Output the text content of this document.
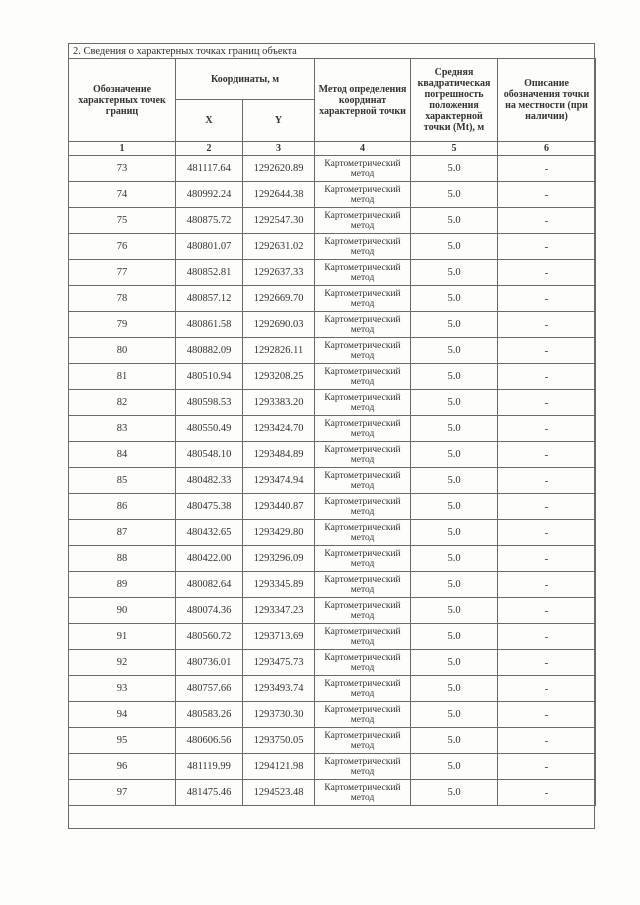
2. Сведения о характерных точках границ объекта
Обозначение характерных точек границ	Координаты, м		Метод определения координат характерной точки	Средняя квадратическая погрешность положения характерной точки (Mt), м	Описание обозначения точки на местности (при наличии)
	X	Y			
1	2	3	4	5	6
73	481117.64	1292620.89	Картометрический метод	5.0	-
74	480992.24	1292644.38	Картометрический метод	5.0	-
75	480875.72	1292547.30	Картометрический метод	5.0	-
76	480801.07	1292631.02	Картометрический метод	5.0	-
77	480852.81	1292637.33	Картометрический метод	5.0	-
78	480857.12	1292669.70	Картометрический метод	5.0	-
79	480861.58	1292690.03	Картометрический метод	5.0	-
80	480882.09	1292826.11	Картометрический метод	5.0	-
81	480510.94	1293208.25	Картометрический метод	5.0	-
82	480598.53	1293383.20	Картометрический метод	5.0	-
83	480550.49	1293424.70	Картометрический метод	5.0	-
84	480548.10	1293484.89	Картометрический метод	5.0	-
85	480482.33	1293474.94	Картометрический метод	5.0	-
86	480475.38	1293440.87	Картометрический метод	5.0	-
87	480432.65	1293429.80	Картометрический метод	5.0	-
88	480422.00	1293296.09	Картометрический метод	5.0	-
89	480082.64	1293345.89	Картометрический метод	5.0	-
90	480074.36	1293347.23	Картометрический метод	5.0	-
91	480560.72	1293713.69	Картометрический метод	5.0	-
92	480736.01	1293475.73	Картометрический метод	5.0	-
93	480757.66	1293493.74	Картометрический метод	5.0	-
94	480583.26	1293730.30	Картометрический метод	5.0	-
95	480606.56	1293750.05	Картометрический метод	5.0	-
96	481119.99	1294121.98	Картометрический метод	5.0	-
97	481475.46	1294523.48	Картометрический метод	5.0	-
